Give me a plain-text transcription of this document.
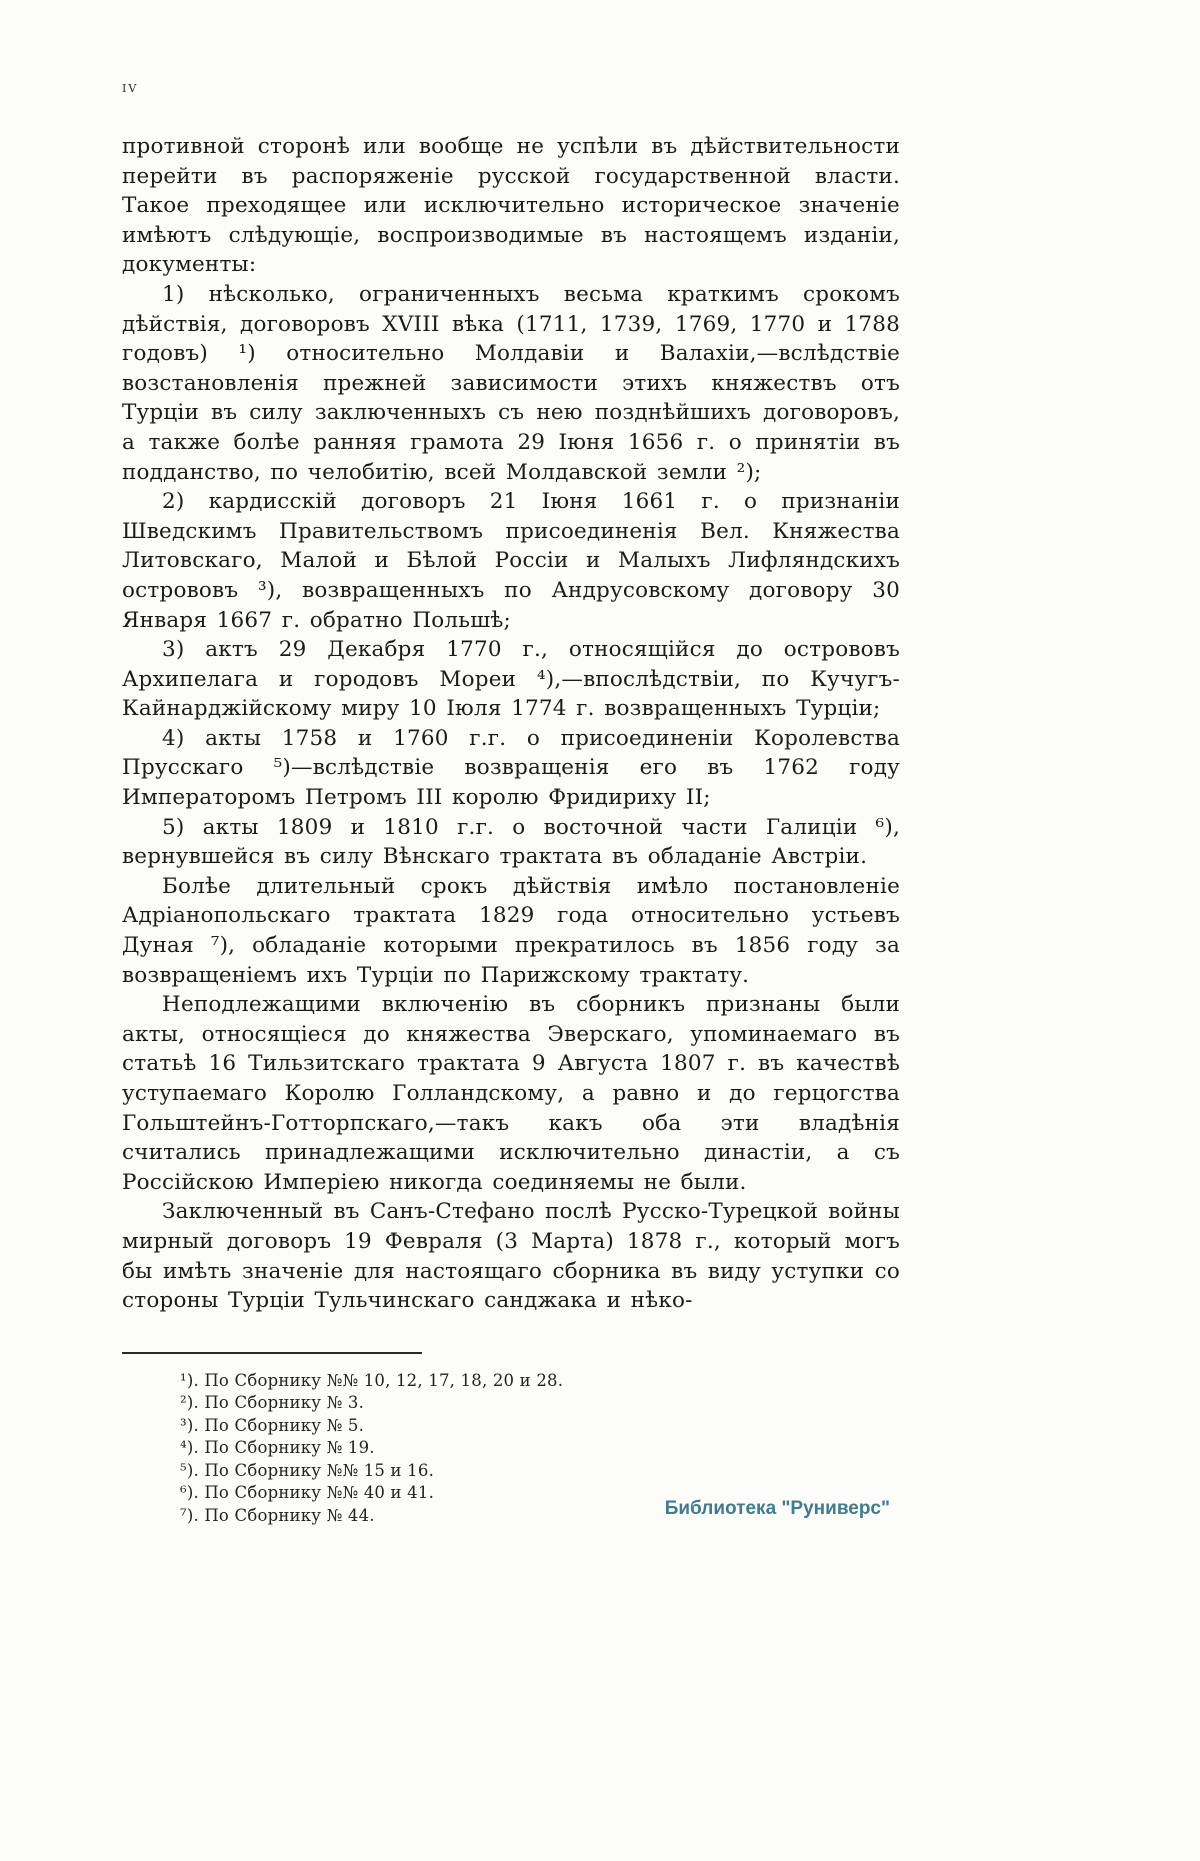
iv

противной сторонѣ или вообще не успѣли въ дѣйствительности перейти въ распоряженіе русской государственной власти. Такое преходящее или исключительно историческое значеніе имѣютъ слѣдующіе, воспроизводимые въ настоящемъ изданіи, документы:

1) нѣсколько, ограниченныхъ весьма краткимъ срокомъ дѣйствія, договоровъ XVIII вѣка (1711, 1739, 1769, 1770 и 1788 годовъ) ¹) относительно Молдавіи и Валахіи,—вслѣдствіе возстановленія прежней зависимости этихъ княжествъ отъ Турціи въ силу заключенныхъ съ нею позднѣйшихъ договоровъ, а также болѣе ранняя грамота 29 Іюня 1656 г. о принятіи въ подданство, по челобитію, всей Молдавской земли ²);

2) кардисскій договоръ 21 Іюня 1661 г. о признаніи Шведскимъ Правительствомъ присоединенія Вел. Княжества Литовскаго, Малой и Бѣлой Россіи и Малыхъ Лифляндскихъ острововъ ³), возвращенныхъ по Андрусовскому договору 30 Января 1667 г. обратно Польшѣ;

3) актъ 29 Декабря 1770 г., относящійся до острововъ Архипелага и городовъ Мореи ⁴),—впослѣдствіи, по Кучугъ-Кайнарджійскому миру 10 Іюля 1774 г. возвращенныхъ Турціи;

4) акты 1758 и 1760 г.г. о присоединеніи Королевства Прусскаго ⁵)—вслѣдствіе возвращенія его въ 1762 году Императоромъ Петромъ III королю Фридириху II;

5) акты 1809 и 1810 г.г. о восточной части Галиціи ⁶), вернувшейся въ силу Вѣнскаго трактата въ обладаніе Австріи.

Болѣе длительный срокъ дѣйствія имѣло постановленіе Адріанопольскаго трактата 1829 года относительно устьевъ Дуная ⁷), обладаніе которыми прекратилось въ 1856 году за возвращеніемъ ихъ Турціи по Парижскому трактату.

Неподлежащими включенію въ сборникъ признаны были акты, относящіеся до княжества Эверскаго, упоминаемаго въ статьѣ 16 Тильзитскаго трактата 9 Августа 1807 г. въ качествѣ уступаемаго Королю Голландскому, а равно и до герцогства Гольштейнъ-Готторпскаго,—такъ какъ оба эти владѣнія считались принадлежащими исключительно династіи, а съ Россійскою Имперіею никогда соединяемы не были.

Заключенный въ Санъ-Стефано послѣ Русско-Турецкой войны мирный договоръ 19 Февраля (3 Марта) 1878 г., который могъ бы имѣть значеніе для настоящаго сборника въ виду уступки со стороны Турціи Тульчинскаго санджака и нѣко-

¹). По Сборнику №№ 10, 12, 17, 18, 20 и 28.
²). По Сборнику № 3.
³). По Сборнику № 5.
⁴). По Сборнику № 19.
⁵). По Сборнику №№ 15 и 16.
⁶). По Сборнику №№ 40 и 41.
⁷). По Сборнику № 44.	Библиотека "Руниверс"
